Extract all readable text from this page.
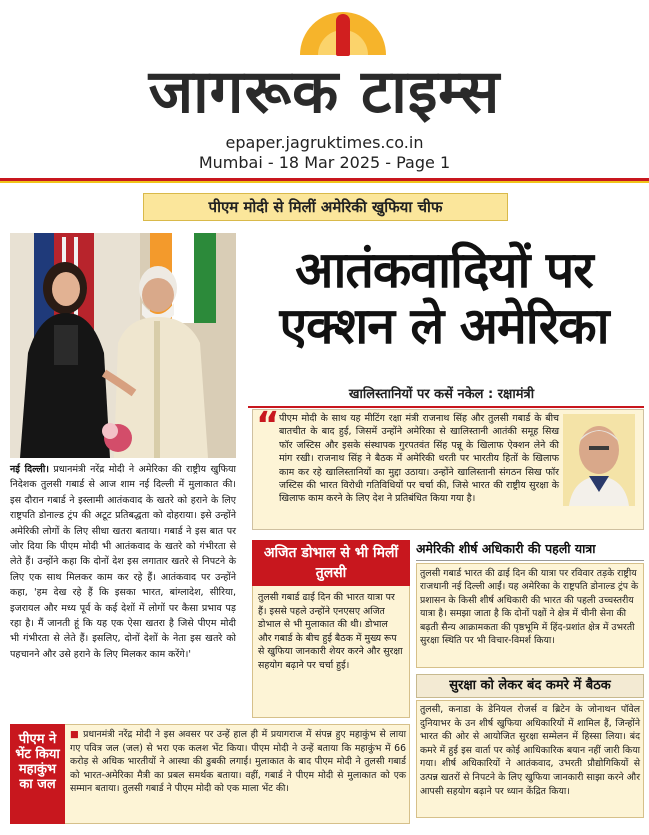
जागरूक टाइम्स
epaper.jagruktimes.co.in
Mumbai - 18 Mar 2025 - Page 1
पीएम मोदी से मिलीं अमेरिकी खुफिया चीफ
आतंकवादियों पर
एक्शन ले अमेरिका
खालिस्तानियों पर कसें नकेल : रक्षामंत्री
“ पीएम मोदी के साथ यह मीटिंग रक्षा मंत्री राजनाथ सिंह और तुलसी गबार्ड के बीच बातचीत के बाद हुई, जिसमें उन्होंने अमेरिका से खालिस्तानी आतंकी समूह सिख फॉर जस्टिस और इसके संस्थापक गुरपतवंत सिंह पन्नू के खिलाफ ऐक्शन लेने की मांग रखी। राजनाथ सिंह ने बैठक में अमेरिकी धरती पर भारतीय हितों के खिलाफ काम कर रहे खालिस्तानियों का मुद्दा उठाया। उन्होंने खालिस्तानी संगठन सिख फॉर जस्टिस की भारत विरोधी गतिविधियों पर चर्चा की, जिसे भारत की राष्ट्रीय सुरक्षा के खिलाफ काम करने के लिए देश ने प्रतिबंधित किया गया है।
नई दिल्ली। प्रधानमंत्री नरेंद्र मोदी ने अमेरिका की राष्ट्रीय खुफिया निदेशक तुलसी गबार्ड से आज शाम नई दिल्ली में मुलाकात की। इस दौरान गबार्ड ने इस्लामी आतंकवाद के खतरे को हराने के लिए राष्ट्रपति डोनाल्ड ट्रंप की अटूट प्रतिबद्धता को दोहराया। इसे उन्होंने अमेरिकी लोगों के लिए सीधा खतरा बताया। गबार्ड ने इस बात पर जोर दिया कि पीएम मोदी भी आतंकवाद के खतरे को गंभीरता से लेते हैं। उन्होंने कहा कि दोनों देश इस लगातार खतरे से निपटने के लिए एक साथ मिलकर काम कर रहे हैं। आतंकवाद पर उन्होंने कहा, 'हम देख रहे हैं कि इसका भारत, बांग्लादेश, सीरिया, इजरायल और मध्य पूर्व के कई देशों में लोगों पर कैसा प्रभाव पड़ रहा है। मैं जानती हूं कि यह एक ऐसा खतरा है जिसे पीएम मोदी भी गंभीरता से लेते हैं। इसलिए, दोनों देशों के नेता इस खतरे को पहचानने और उसे हराने के लिए मिलकर काम करेंगे।'
अजित डोभाल से भी मिलीं तुलसी
तुलसी गबार्ड ढाई दिन की भारत यात्रा पर हैं। इससे पहले उन्होंने एनएसए अजित डोभाल से भी मुलाकात की थी। डोभाल और गबार्ड के बीच हुई बैठक में मुख्य रूप से खुफिया जानकारी शेयर करने और सुरक्षा सहयोग बढ़ाने पर चर्चा हुई।
अमेरिकी शीर्ष अधिकारी की पहली यात्रा
तुलसी गबार्ड भारत की ढाई दिन की यात्रा पर रविवार तड़के राष्ट्रीय राजधानी नई दिल्ली आईं। यह अमेरिका के राष्ट्रपति डोनाल्ड ट्रंप के प्रशासन के किसी शीर्ष अधिकारी की भारत की पहली उच्चस्तरीय यात्रा है। समझा जाता है कि दोनों पक्षों ने क्षेत्र में चीनी सेना की बढ़ती सैन्य आक्रामकता की पृष्ठभूमि में हिंद-प्रशांत क्षेत्र में उभरती सुरक्षा स्थिति पर भी विचार-विमर्श किया।
सुरक्षा को लेकर बंद कमरे में बैठक
तुलसी, कनाडा के डेनियल रोजर्स व ब्रिटेन के जोनाथन पॉवेल दुनियाभर के उन शीर्ष खुफिया अधिकारियों में शामिल हैं, जिन्होंने भारत की ओर से आयोजित सुरक्षा सम्मेलन में हिस्सा लिया। बंद कमरे में हुई इस वार्ता पर कोई आधिकारिक बयान नहीं जारी किया गया। शीर्ष अधिकारियों ने आतंकवाद, उभरती प्रौद्योगिकियों से उत्पन्न खतरों से निपटने के लिए खुफिया जानकारी साझा करने और आपसी सहयोग बढ़ाने पर ध्यान केंद्रित किया।
पीएम ने भेंट किया महाकुंभ का जल
■ प्रधानमंत्री नरेंद्र मोदी ने इस अवसर पर उन्हें हाल ही में प्रयागराज में संपन्न हुए महाकुंभ से लाया गए पवित्र जल (जल) से भरा एक कलश भेंट किया। पीएम मोदी ने उन्हें बताया कि महाकुंभ में 66 करोड़ से अधिक भारतीयों ने आस्था की डुबकी लगाई। मुलाकात के बाद पीएम मोदी ने तुलसी गबार्ड को भारत-अमेरिका मैत्री का प्रबल समर्थक बताया। वहीं, गबार्ड ने पीएम मोदी से मुलाकात को एक सम्मान बताया। तुलसी गबार्ड ने पीएम मोदी को एक माला भेंट की।
